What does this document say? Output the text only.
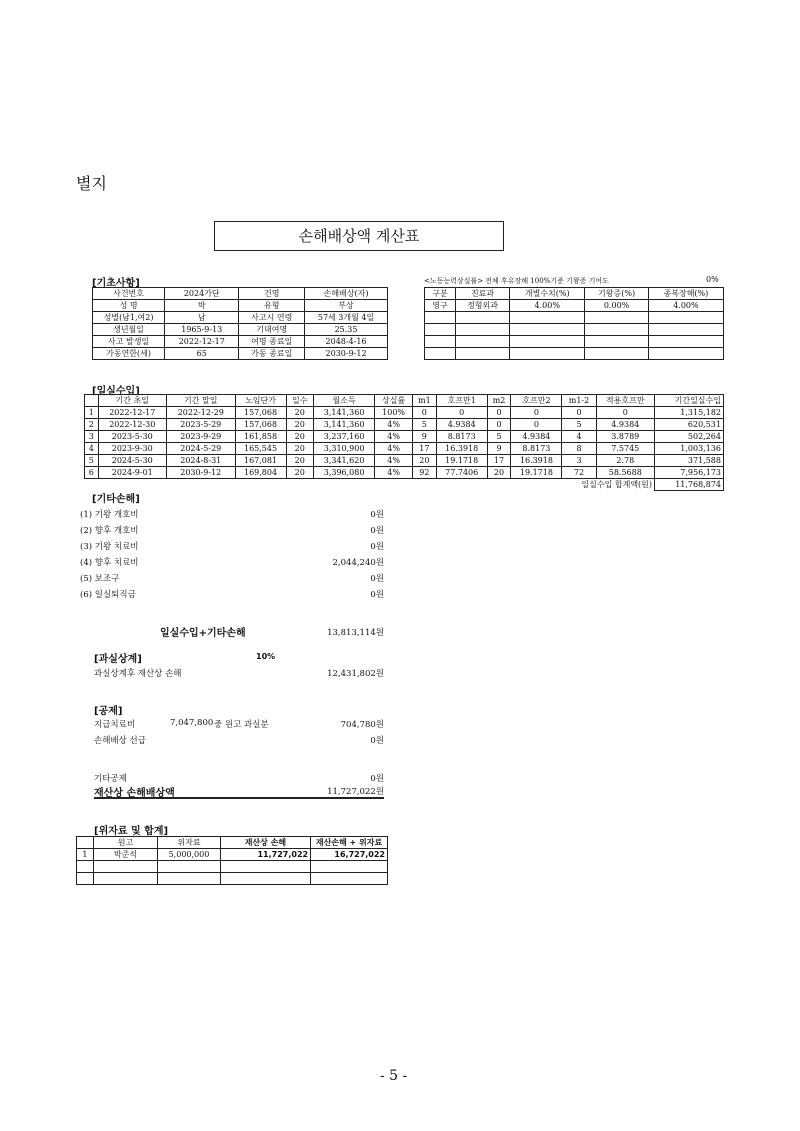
별지
손해배상액 계산표
[기초사항]
사건번호	2024가단	건명	손해배상(자)
성 명	박	유형	부상
성별(남1,여2)	남	사고시 연령	57세 3개월 4일
생년월일	1965-9-13	기대여명	25.35
사고 발생일	2022-12-17	여명 종료일	2048-4-16
가동연한(세)	65	가동 종료일	2030-9-12
<노동능력상실률> 전체 후유장해 100%기준 기왕증 기여도	0%
구분	진료과	개별수치(%)	기왕증(%)	종복장해(%)
영구	정형외과	4.00%	0.00%	4.00%

[일실수입]
	기간 초일	기간 말일	노임단가	일수	월소득	상실률	m1	호프만1	m2	호프만2	m1-2	적용호프만	기간일실수입
1	2022-12-17	2022-12-29	157,068	20	3,141,360	100%	0	0	0	0	0	0	1,315,182
2	2022-12-30	2023-5-29	157,068	20	3,141,360	4%	5	4.9384	0	0	5	4.9384	620,531
3	2023-5-30	2023-9-29	161,858	20	3,237,160	4%	9	8.8173	5	4.9384	4	3.8789	502,264
4	2023-9-30	2024-5-29	165,545	20	3,310,900	4%	17	16.3918	9	8.8173	8	7.5745	1,003,136
5	2024-5-30	2024-8-31	167,081	20	3,341,620	4%	20	19.1718	17	16.3918	3	2.78	371,588
6	2024-9-01	2030-9-12	169,804	20	3,396,080	4%	92	77.7406	20	19.1718	72	58.5688	7,956,173
일실수입 합계액(원)													11,768,874
[기타손해]
(1) 기왕 개호비	0원
(2) 향후 개호비	0원
(3) 기왕 치료비	0원
(4) 향후 치료비	2,044,240원
(5) 보조구	0원
(6) 일실퇴직금	0원
일실수입+기타손해	13,813,114원
[과실상계]	10%
과실상계후 재산상 손해	12,431,802원
[공제]
지급치료비	7,047,800 중 원고 과실분	704,780원
손해배상 선급	0원
기타공제	0원
재산상 손해배상액	11,727,022원
[위자료 및 합계]
	원고	위자료	재산상 손해	재산손해 + 위자료
1	박준석	5,000,000	11,727,022	16,727,022

- 5 -
